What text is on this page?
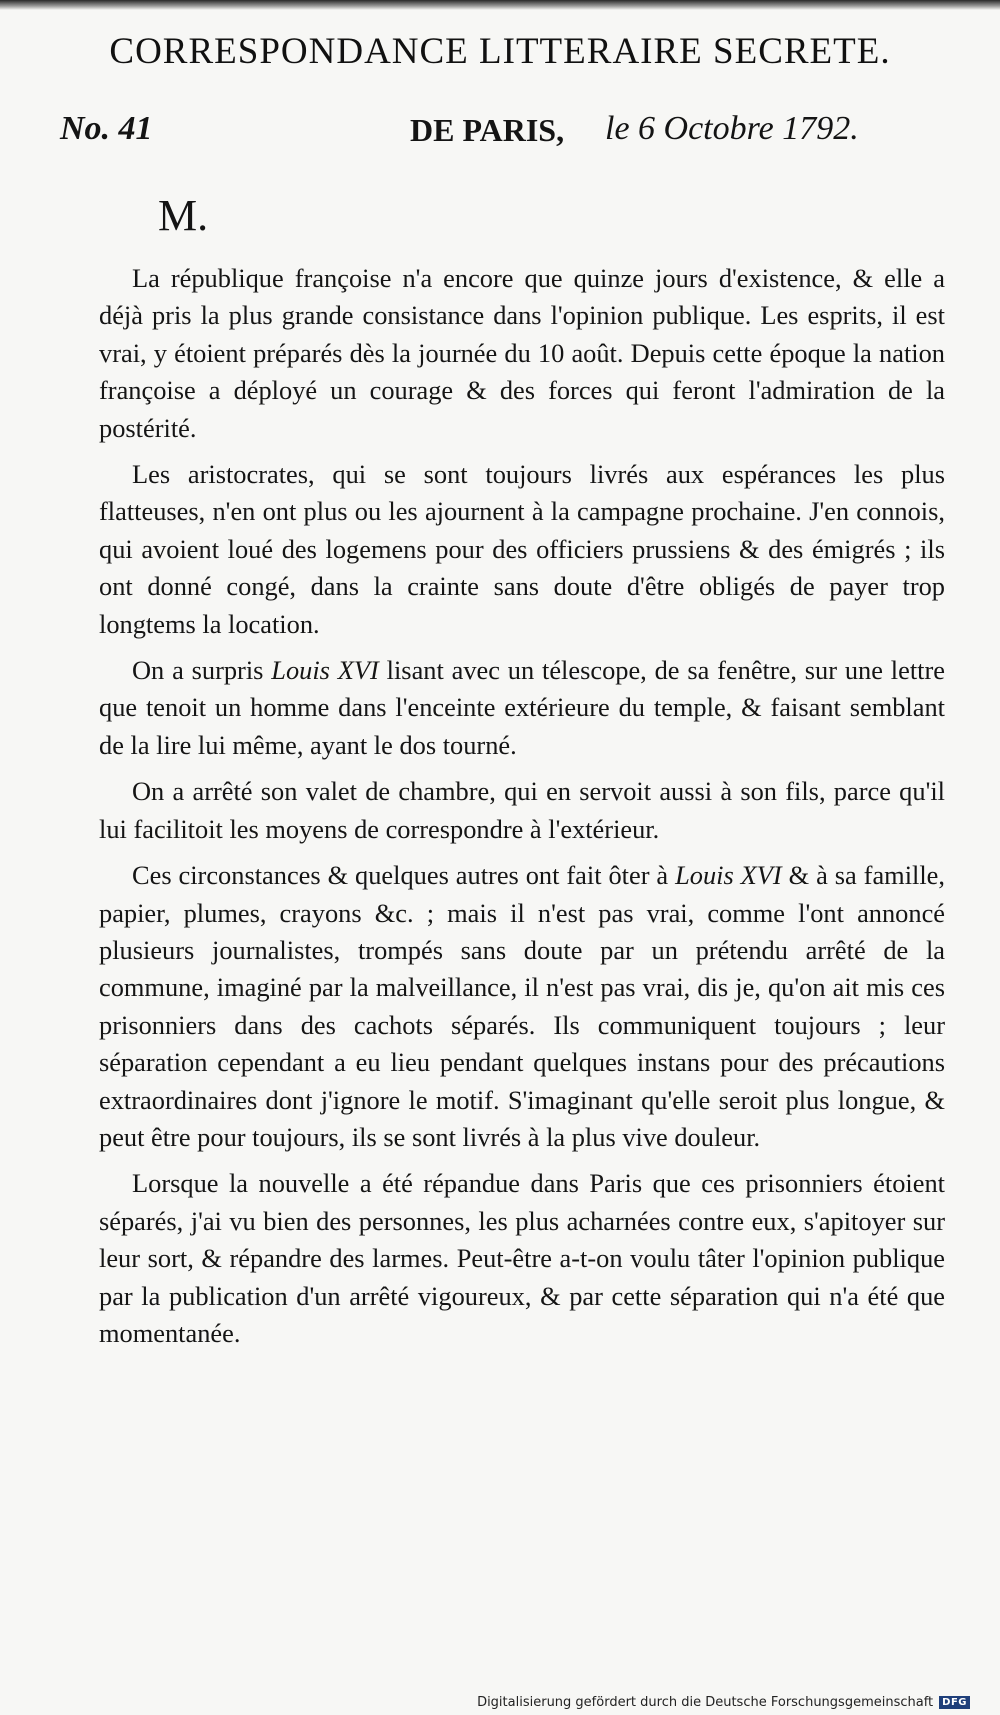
CORRESPONDANCE LITTERAIRE SECRETE.
No. 41	DE PARIS, le 6 Octobre 1792.
M.

La république françoise n'a encore que quinze jours d'existence, & elle a déjà pris la plus grande consistance dans l'opinion publique. Les esprits, il est vrai, y étoient préparés dès la journée du 10 août. Depuis cette époque la nation françoise a déployé un courage & des forces qui feront l'admiration de la postérité.

Les aristocrates, qui se sont toujours livrés aux espérances les plus flatteuses, n'en ont plus ou les ajournent à la campagne prochaine. J'en connois, qui avoient loué des logemens pour des officiers prussiens & des émigrés ; ils ont donné congé, dans la crainte sans doute d'être obligés de payer trop longtems la location.

On a surpris Louis XVI lisant avec un télescope, de sa fenêtre, sur une lettre que tenoit un homme dans l'enceinte extérieure du temple, & faisant semblant de la lire lui même, ayant le dos tourné.

On a arrêté son valet de chambre, qui en servoit aussi à son fils, parce qu'il lui facilitoit les moyens de correspondre à l'extérieur.

Ces circonstances & quelques autres ont fait ôter à Louis XVI & à sa famille, papier, plumes, crayons &c. ; mais il n'est pas vrai, comme l'ont annoncé plusieurs journalistes, trompés sans doute par un prétendu arrêté de la commune, imaginé par la malveillance, il n'est pas vrai, dis je, qu'on ait mis ces prisonniers dans des cachots séparés. Ils communiquent toujours ; leur séparation cependant a eu lieu pendant quelques instans pour des précautions extraordinaires dont j'ignore le motif. S'imaginant qu'elle seroit plus longue, & peut être pour toujours, ils se sont livrés à la plus vive douleur.

Lorsque la nouvelle a été répandue dans Paris que ces prisonniers étoient séparés, j'ai vu bien des personnes, les plus acharnées contre eux, s'apitoyer sur leur sort, & répandre des larmes. Peut-être a-t-on voulu tâter l'opinion publique par la publication d'un arrêté vigoureux, & par cette séparation qui n'a été que momentanée.

Digitalisierung gefördert durch die Deutsche Forschungsgemeinschaft DFG
